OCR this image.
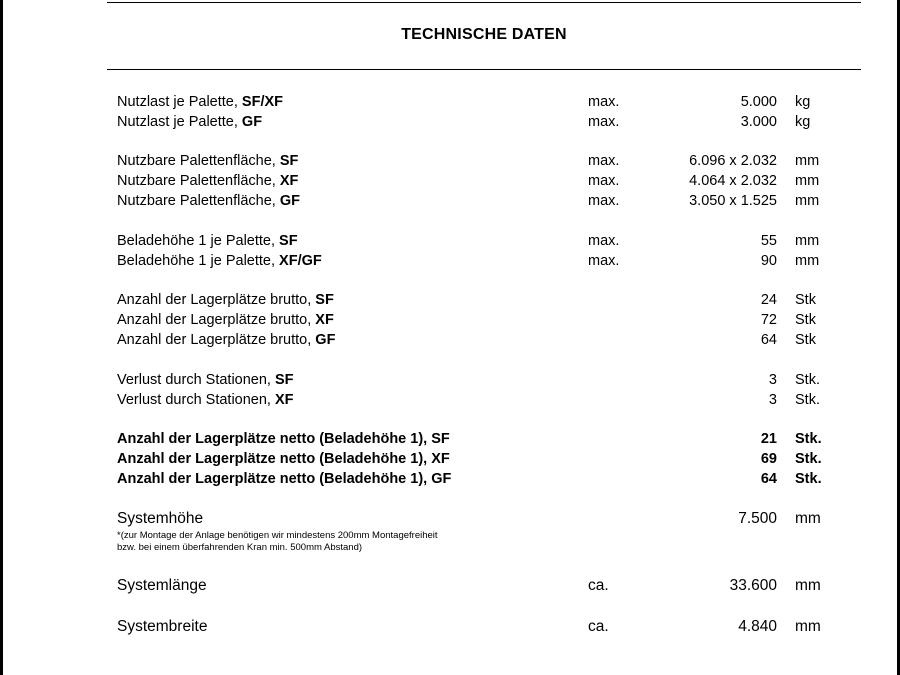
TECHNISCHE DATEN
Nutzlast je Palette, SF/XF	max.	5.000 kg
Nutzlast je Palette, GF	max.	3.000 kg
Nutzbare Palettenfläche, SF	max.	6.096 x 2.032 mm
Nutzbare Palettenfläche, XF	max.	4.064 x 2.032 mm
Nutzbare Palettenfläche, GF	max.	3.050 x 1.525 mm
Beladehöhe 1 je Palette, SF	max.	55 mm
Beladehöhe 1 je Palette, XF/GF	max.	90 mm
Anzahl der Lagerplätze brutto, SF	24 Stk
Anzahl der Lagerplätze brutto, XF	72 Stk
Anzahl der Lagerplätze brutto, GF	64 Stk
Verlust durch Stationen, SF	3 Stk.
Verlust durch Stationen, XF	3 Stk.
Anzahl der Lagerplätze netto (Beladehöhe 1), SF	21 Stk.
Anzahl der Lagerplätze netto (Beladehöhe 1), XF	69 Stk.
Anzahl der Lagerplätze netto (Beladehöhe 1), GF	64 Stk.
Systemhöhe	7.500 mm
*(zur Montage der Anlage benötigen wir mindestens 200mm Montagefreiheit
bzw. bei einem überfahrenden Kran min. 500mm Abstand)
Systemlänge	ca.	33.600 mm
Systembreite	ca.	4.840 mm
